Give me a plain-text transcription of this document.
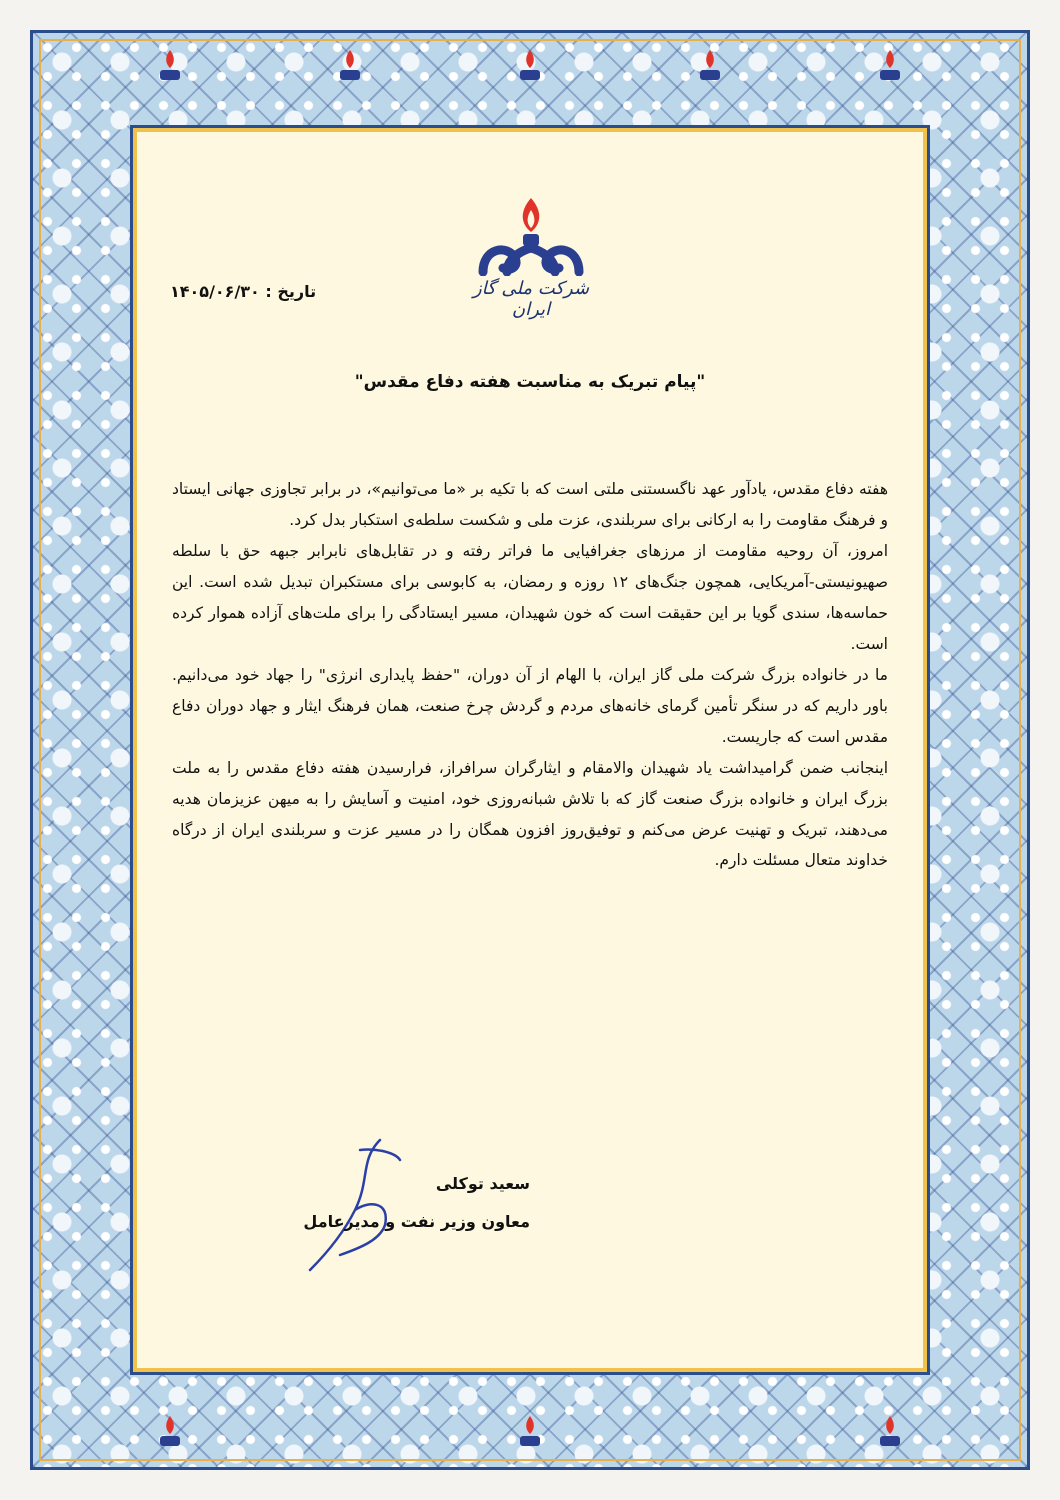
شرکت ملی گاز ایران
تاریخ : ۱۴۰۵/۰۶/۳۰
"پیام تبریک به مناسبت هفته دفاع مقدس"

هفته دفاع مقدس، یادآور عهد ناگسستنی ملتی است که با تکیه بر «ما می‌توانیم»، در برابر تجاوزی جهانی ایستاد و فرهنگ مقاومت را به ارکانی برای سربلندی، عزت ملی و شکست سلطه‌ی استکبار بدل کرد.

امروز، آن روحیه مقاومت از مرزهای جغرافیایی ما فراتر رفته و در تقابل‌های نابرابر جبهه حق با سلطه صهیونیستی-آمریکایی، همچون جنگ‌های ۱۲ روزه و رمضان، به کابوسی برای مستکبران تبدیل شده است. این حماسه‌ها، سندی گویا بر این حقیقت است که خون شهیدان، مسیر ایستادگی را برای ملت‌های آزاده هموار کرده است.

ما در خانواده بزرگ شرکت ملی گاز ایران، با الهام از آن دوران، "حفظ پایداری انرژی" را جهاد خود می‌دانیم. باور داریم که در سنگر تأمین گرمای خانه‌های مردم و گردش چرخ صنعت، همان فرهنگ ایثار و جهاد دوران دفاع مقدس است که جاریست.

اینجانب ضمن گرامیداشت یاد شهیدان والامقام و ایثارگران سرافراز، فرارسیدن هفته دفاع مقدس را به ملت بزرگ ایران و خانواده بزرگ صنعت گاز که با تلاش شبانه‌روزی خود، امنیت و آسایش را به میهن عزیزمان هدیه می‌دهند، تبریک و تهنیت عرض می‌کنم و توفیق‌روز افزون همگان را در مسیر عزت و سربلندی ایران از درگاه خداوند متعال مسئلت دارم.

سعید توکلی
معاون وزیر نفت و مدیرعامل
